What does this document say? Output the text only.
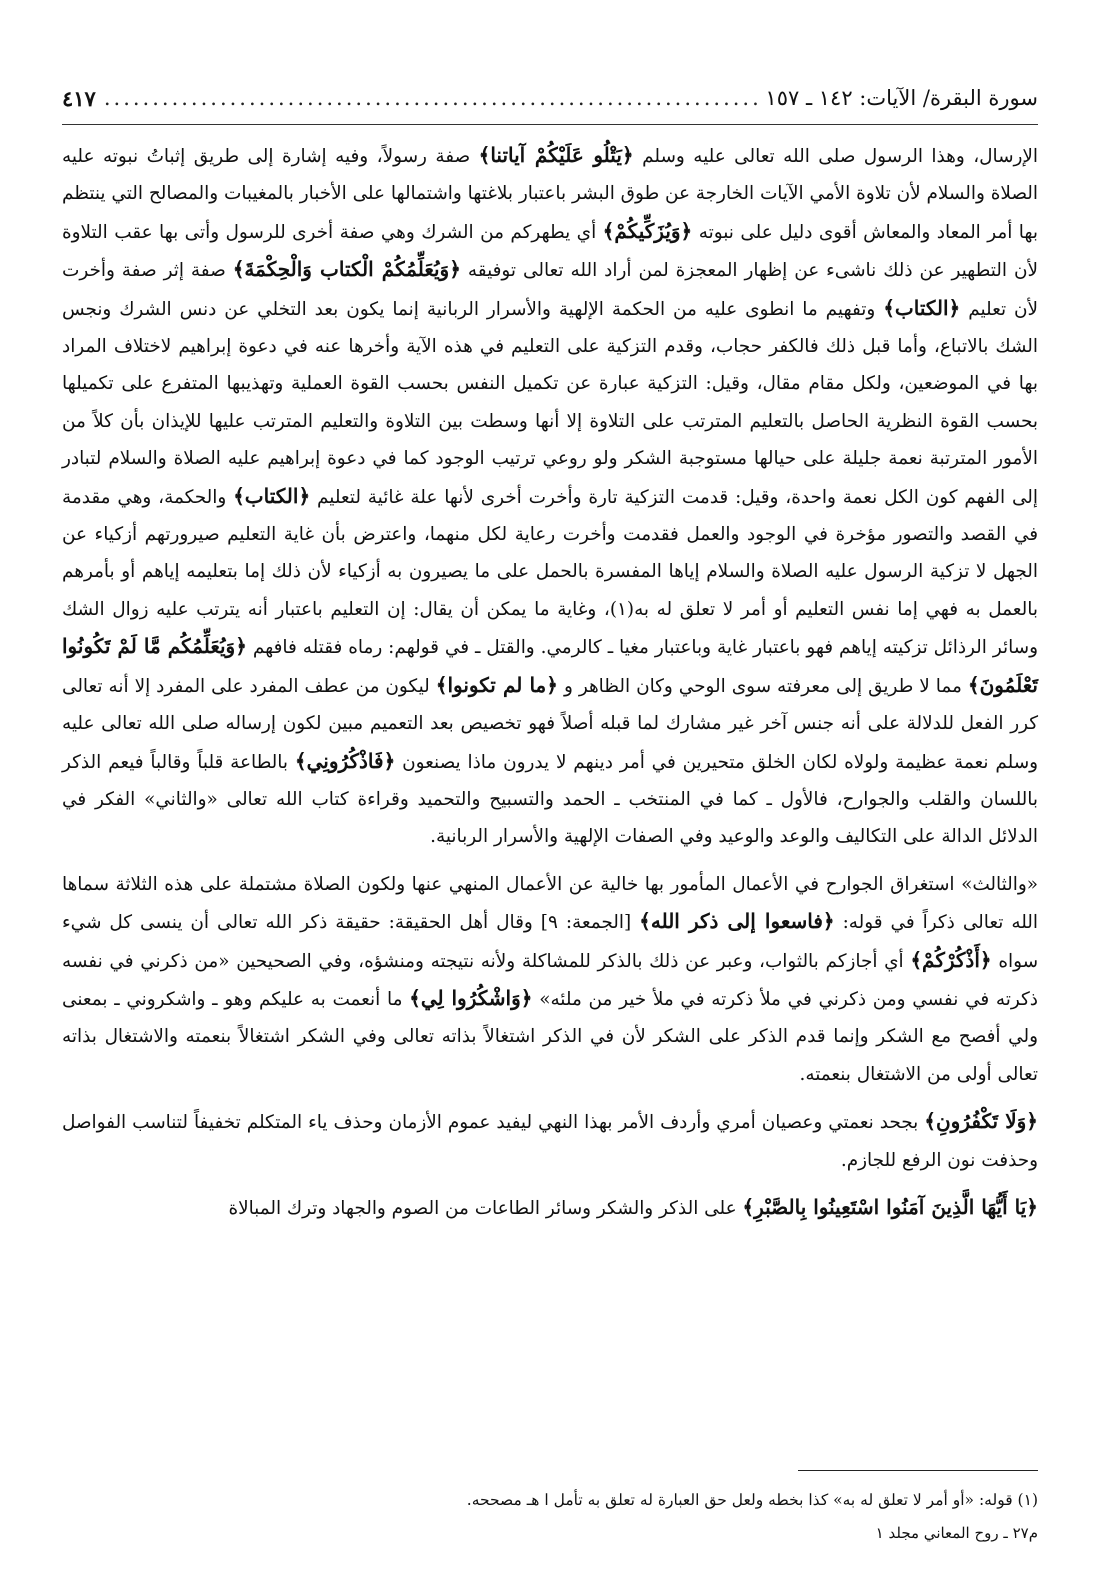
سورة البقرة/ الآيات: ١٤٢ ـ ١٥٧
.....
٤١٧

الإرسال، وهذا الرسول صلى الله تعالى عليه وسلم ﴿يَتْلُو عَلَيْكُمْ آياتنا﴾ صفة رسولاً، وفيه إشارة إلى طريق إثباتُ نبوته عليه الصلاة والسلام لأن تلاوة الأمي الآيات الخارجة عن طوق البشر باعتبار بلاغتها واشتمالها على الأخبار بالمغيبات والمصالح التي ينتظم بها أمر المعاد والمعاش أقوى دليل على نبوته ﴿وَيُزَكِّيكُمْ﴾ أي يطهركم من الشرك وهي صفة أخرى للرسول وأتى بها عقب التلاوة لأن التطهير عن ذلك ناشىء عن إظهار المعجزة لمن أراد الله تعالى توفيقه ﴿وَيُعَلِّمُكُمْ الْكتاب وَالْحِكْمَةَ﴾ صفة إثر صفة وأخرت لأن تعليم ﴿الكتاب﴾ وتفهيم ما انطوى عليه من الحكمة الإلهية والأسرار الربانية إنما يكون بعد التخلي عن دنس الشرك ونجس الشك بالاتباع، وأما قبل ذلك فالكفر حجاب، وقدم التزكية على التعليم في هذه الآية وأخرها عنه في دعوة إبراهيم لاختلاف المراد بها في الموضعين، ولكل مقام مقال، وقيل: التزكية عبارة عن تكميل النفس بحسب القوة العملية وتهذيبها المتفرع على تكميلها بحسب القوة النظرية الحاصل بالتعليم المترتب على التلاوة إلا أنها وسطت بين التلاوة والتعليم المترتب عليها للإيذان بأن كلاً من الأمور المترتبة نعمة جليلة على حيالها مستوجبة الشكر ولو روعي ترتيب الوجود كما في دعوة إبراهيم عليه الصلاة والسلام لتبادر إلى الفهم كون الكل نعمة واحدة، وقيل: قدمت التزكية تارة وأخرت أخرى لأنها علة غائية لتعليم ﴿الكتاب﴾ والحكمة، وهي مقدمة في القصد والتصور مؤخرة في الوجود والعمل فقدمت وأخرت رعاية لكل منهما، واعترض بأن غاية التعليم صيرورتهم أزكياء عن الجهل لا تزكية الرسول عليه الصلاة والسلام إياها المفسرة بالحمل على ما يصيرون به أزكياء لأن ذلك إما بتعليمه إياهم أو بأمرهم بالعمل به فهي إما نفس التعليم أو أمر لا تعلق له به(١)، وغاية ما يمكن أن يقال: إن التعليم باعتبار أنه يترتب عليه زوال الشك وسائر الرذائل تزكيته إياهم فهو باعتبار غاية وباعتبار مغيا ـ كالرمي. والقتل ـ في قولهم: رماه فقتله فافهم ﴿وَيُعَلِّمُكُم مَّا لَمْ تَكُونُوا تَعْلَمُونَ﴾ مما لا طريق إلى معرفته سوى الوحي وكان الظاهر و ﴿ما لم تكونوا﴾ ليكون من عطف المفرد على المفرد إلا أنه تعالى كرر الفعل للدلالة على أنه جنس آخر غير مشارك لما قبله أصلاً فهو تخصيص بعد التعميم مبين لكون إرساله صلى الله تعالى عليه وسلم نعمة عظيمة ولولاه لكان الخلق متحيرين في أمر دينهم لا يدرون ماذا يصنعون ﴿فَاذْكُرُونِي﴾ بالطاعة قلباً وقالباً فيعم الذكر باللسان والقلب والجوارح، فالأول ـ كما في المنتخب ـ الحمد والتسبيح والتحميد وقراءة كتاب الله تعالى «والثاني» الفكر في الدلائل الدالة على التكاليف والوعد والوعيد وفي الصفات الإلهية والأسرار الربانية.

«والثالث» استغراق الجوارح في الأعمال المأمور بها خالية عن الأعمال المنهي عنها ولكون الصلاة مشتملة على هذه الثلاثة سماها الله تعالى ذكراً في قوله: ﴿فاسعوا إلى ذكر الله﴾ [الجمعة: ٩] وقال أهل الحقيقة: حقيقة ذكر الله تعالى أن ينسى كل شيء سواه ﴿أَذْكُرْكُمْ﴾ أي أجازكم بالثواب، وعبر عن ذلك بالذكر للمشاكلة ولأنه نتيجته ومنشؤه، وفي الصحيحين «من ذكرني في نفسه ذكرته في نفسي ومن ذكرني في ملأ ذكرته في ملأ خير من ملئه» ﴿وَاشْكُرُوا لِي﴾ ما أنعمت به عليكم وهو ـ واشكروني ـ بمعنى ولي أفصح مع الشكر وإنما قدم الذكر على الشكر لأن في الذكر اشتغالاً بذاته تعالى وفي الشكر اشتغالاً بنعمته والاشتغال بذاته تعالى أولى من الاشتغال بنعمته.

﴿وَلَا تَكْفُرُونِ﴾ بجحد نعمتي وعصيان أمري وأردف الأمر بهذا النهي ليفيد عموم الأزمان وحذف ياء المتكلم تخفيفاً لتناسب الفواصل وحذفت نون الرفع للجازم.

﴿يَا أَيُّهَا الَّذِينَ آمَنُوا اسْتَعِينُوا بِالصَّبْرِ﴾ على الذكر والشكر وسائر الطاعات من الصوم والجهاد وترك المبالاة

(١) قوله: «أو أمر لا تعلق له به» كذا بخطه ولعل حق العبارة له تعلق به تأمل ا هـ مصححه.
م٢٧ ـ روح المعاني مجلد ١
